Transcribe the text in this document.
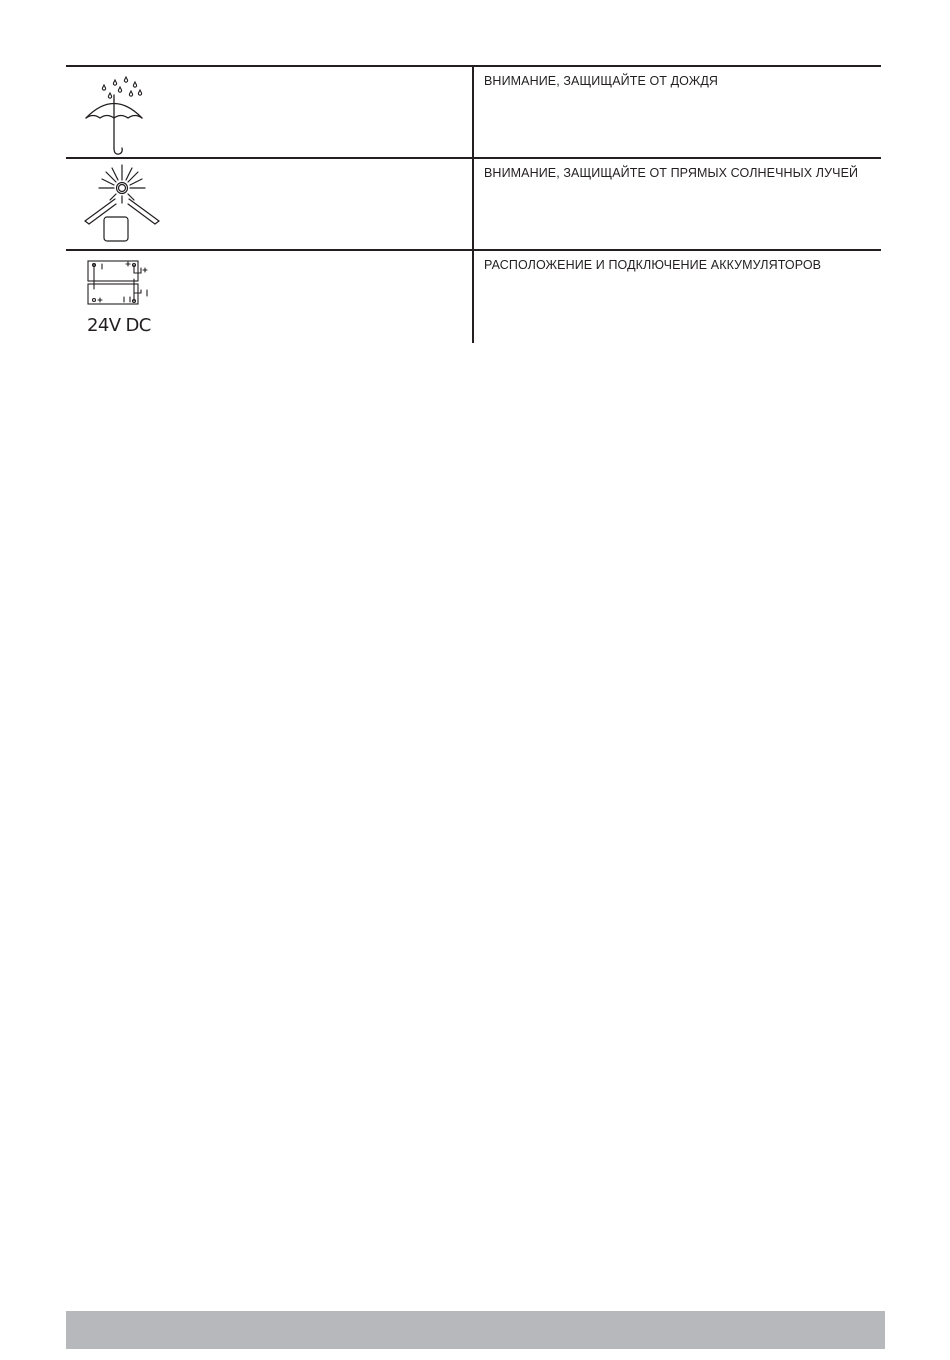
ВНИМАНИЕ, ЗАЩИЩАЙТЕ ОТ ДОЖДЯ
ВНИМАНИЕ, ЗАЩИЩАЙТЕ ОТ ПРЯМЫХ СОЛНЕЧНЫХ ЛУЧЕЙ
24V DC
РАСПОЛОЖЕНИЕ И ПОДКЛЮЧЕНИЕ АККУМУЛЯТОРОВ
